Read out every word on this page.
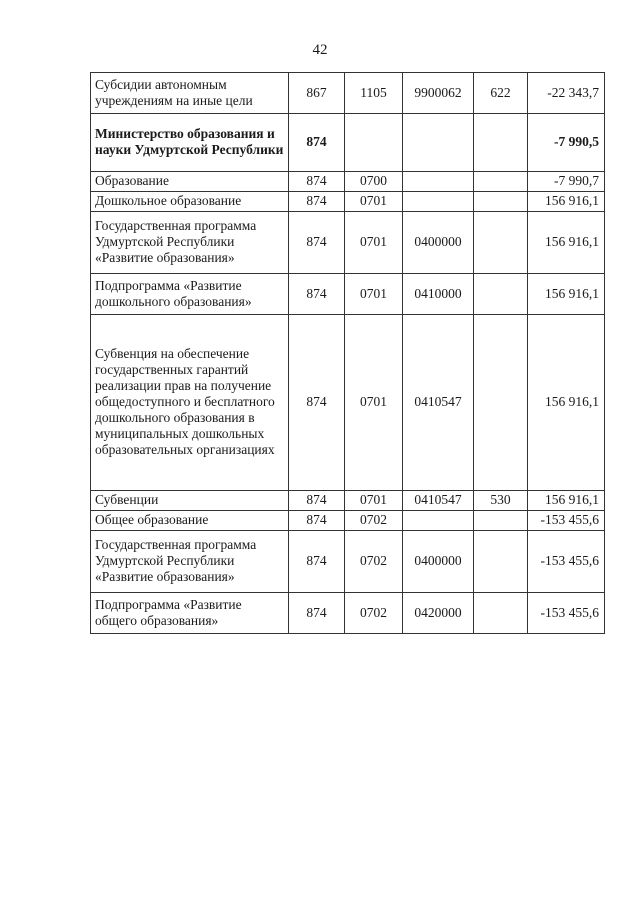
42
Субсидии автономным учреждениям на иные цели	867	1105	9900062	622	-22 343,7
Министерство образования и науки Удмуртской Республики	874				-7 990,5
Образование	874	0700			-7 990,7
Дошкольное образование	874	0701			156 916,1
Государственная программа Удмуртской Республики «Развитие образования»	874	0701	0400000		156 916,1
Подпрограмма «Развитие дошкольного образования»	874	0701	0410000		156 916,1
Субвенция на обеспечение государственных гарантий реализации прав на получение общедоступного и бесплатного дошкольного образования в муниципальных дошкольных образовательных организациях	874	0701	0410547		156 916,1
Субвенции	874	0701	0410547	530	156 916,1
Общее образование	874	0702			-153 455,6
Государственная программа Удмуртской Республики «Развитие образования»	874	0702	0400000		-153 455,6
Подпрограмма «Развитие общего образования»	874	0702	0420000		-153 455,6
